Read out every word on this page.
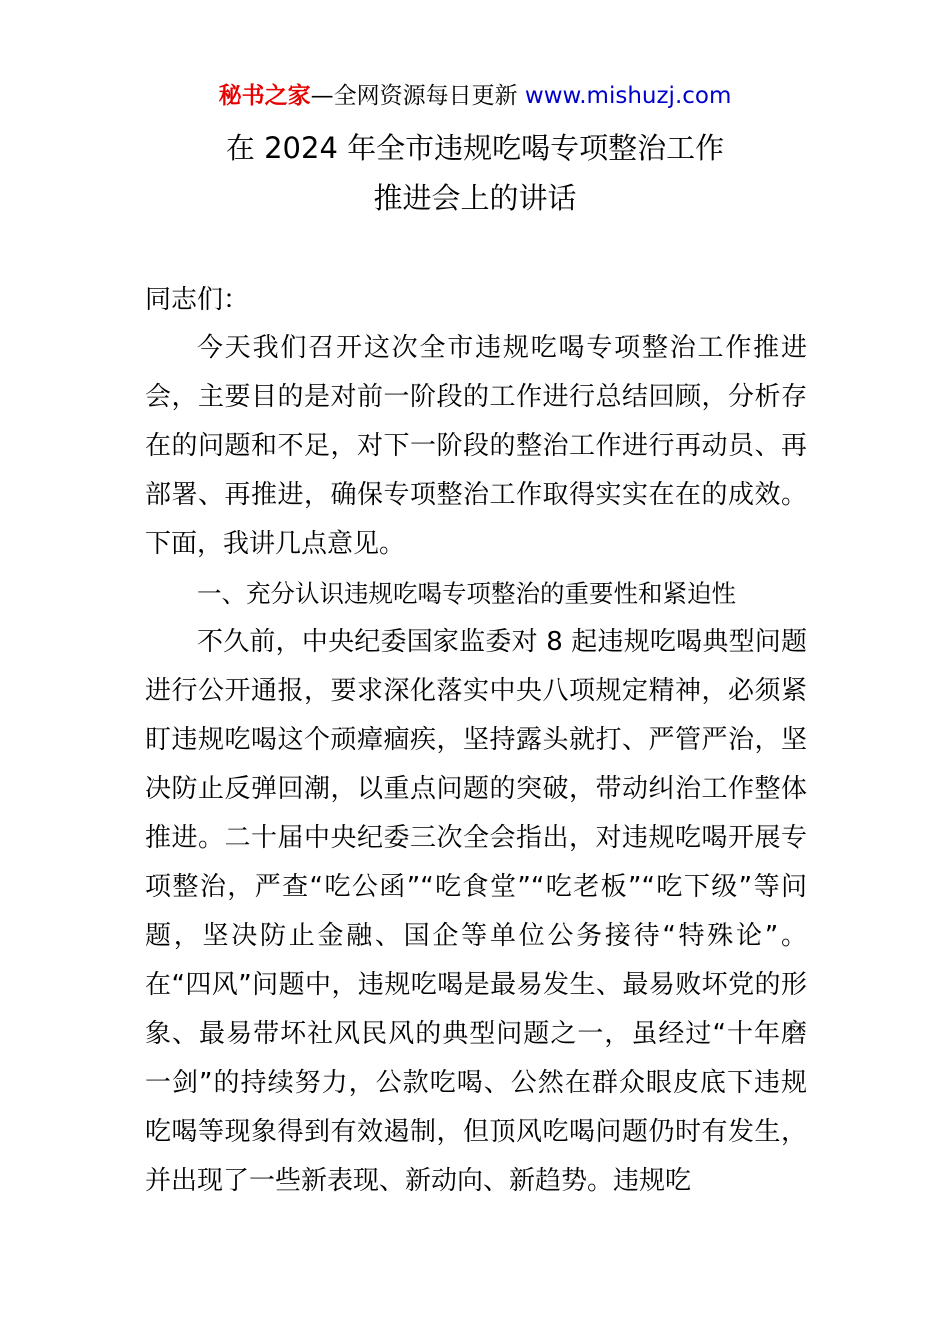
秘书之家—全网资源每日更新 www.mishuzj.com
在 2024 年全市违规吃喝专项整治工作
推进会上的讲话
同志们：

今天我们召开这次全市违规吃喝专项整治工作推进会，主要目的是对前一阶段的工作进行总结回顾，分析存在的问题和不足，对下一阶段的整治工作进行再动员、再部署、再推进，确保专项整治工作取得实实在在的成效。下面，我讲几点意见。

一、充分认识违规吃喝专项整治的重要性和紧迫性

不久前，中央纪委国家监委对 8 起违规吃喝典型问题进行公开通报，要求深化落实中央八项规定精神，必须紧盯违规吃喝这个顽瘴痼疾，坚持露头就打、严管严治，坚决防止反弹回潮，以重点问题的突破，带动纠治工作整体推进。二十届中央纪委三次全会指出，对违规吃喝开展专项整治，严查“吃公函”“吃食堂”“吃老板”“吃下级”等问题，坚决防止金融、国企等单位公务接待“特殊论”。在“四风”问题中，违规吃喝是最易发生、最易败坏党的形象、最易带坏社风民风的典型问题之一，虽经过“十年磨一剑”的持续努力，公款吃喝、公然在群众眼皮底下违规吃喝等现象得到有效遏制，但顶风吃喝问题仍时有发生，并出现了一些新表现、新动向、新趋势。违规吃
